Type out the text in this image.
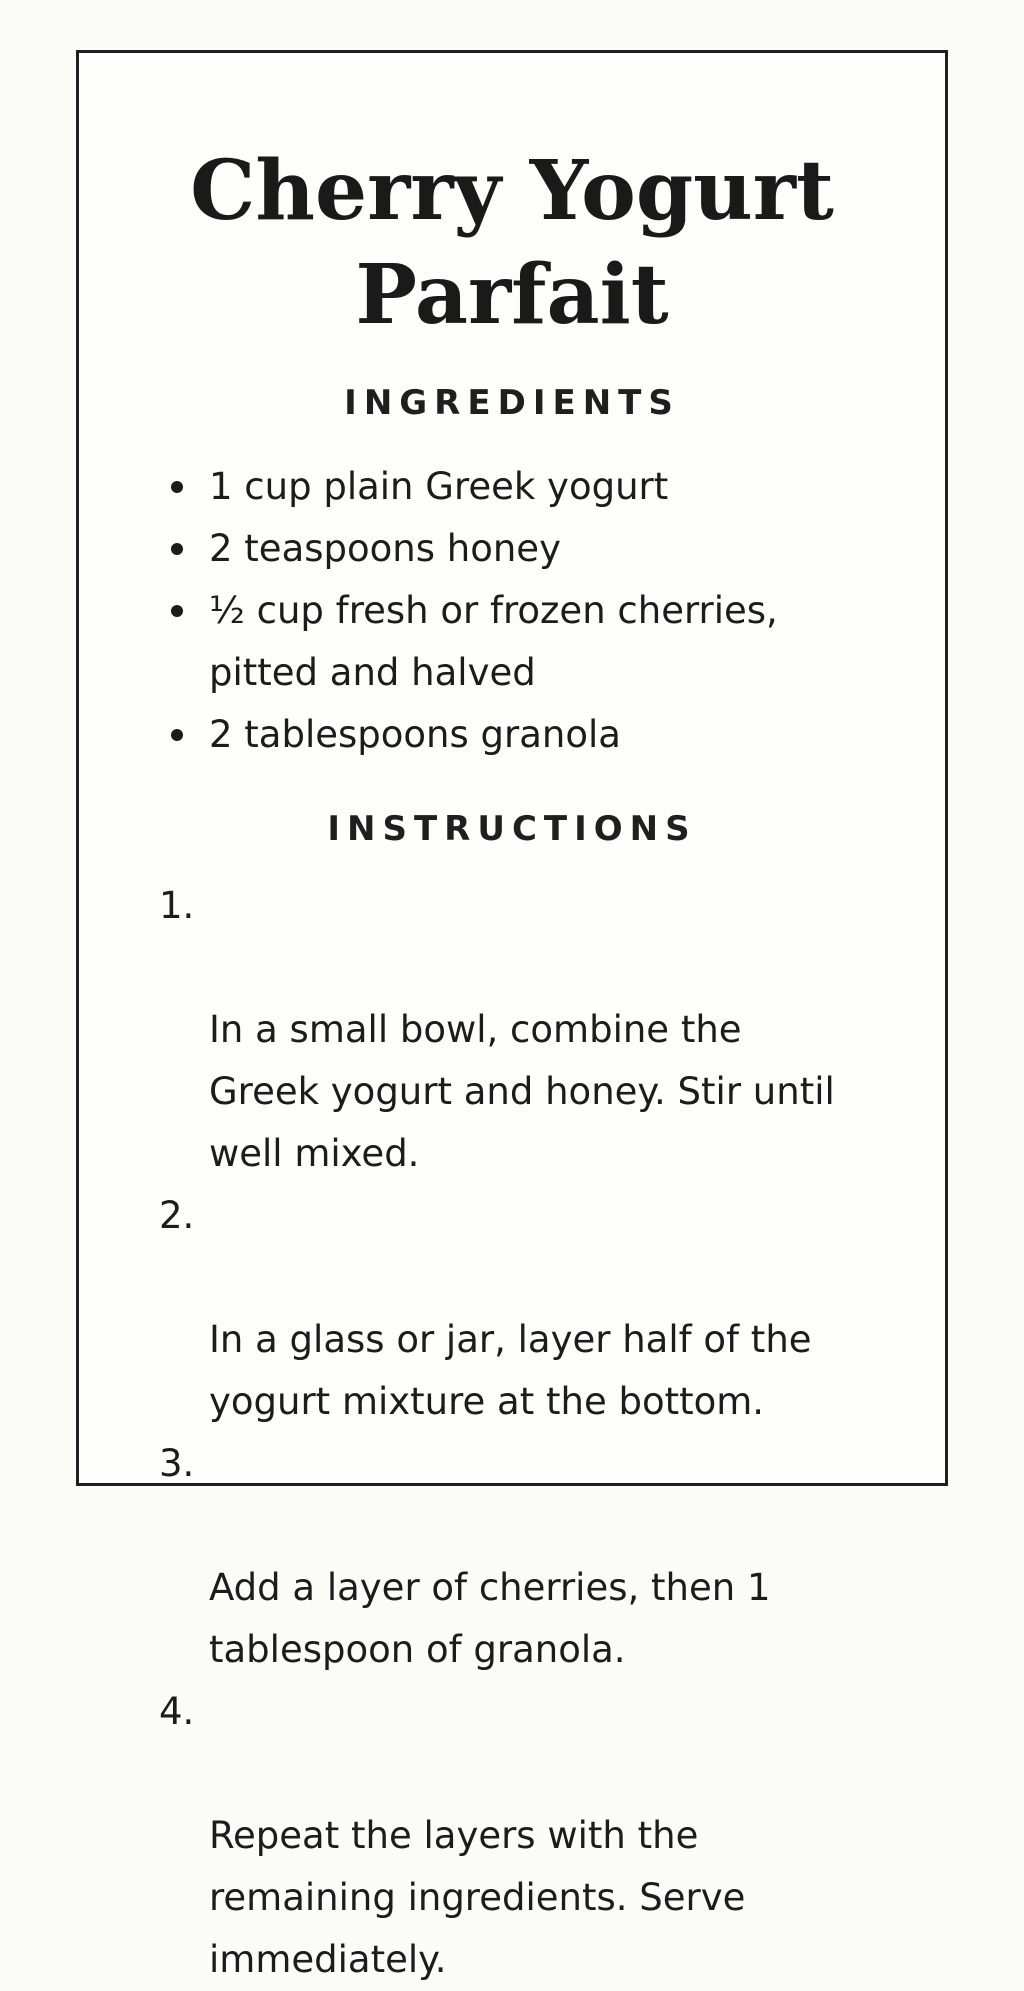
Cherry Yogurt
Parfait
INGREDIENTS
1 cup plain Greek yogurt
2 teaspoons honey
½ cup fresh or frozen cherries,
pitted and halved
2 tablespoons granola
INSTRUCTIONS

1.

In a small bowl, combine the
Greek yogurt and honey. Stir until
well mixed.

2.

In a glass or jar, layer half of the
yogurt mixture at the bottom.

3.

Add a layer of cherries, then 1
tablespoon of granola.

4.

Repeat the layers with the
remaining ingredients. Serve
immediately.
